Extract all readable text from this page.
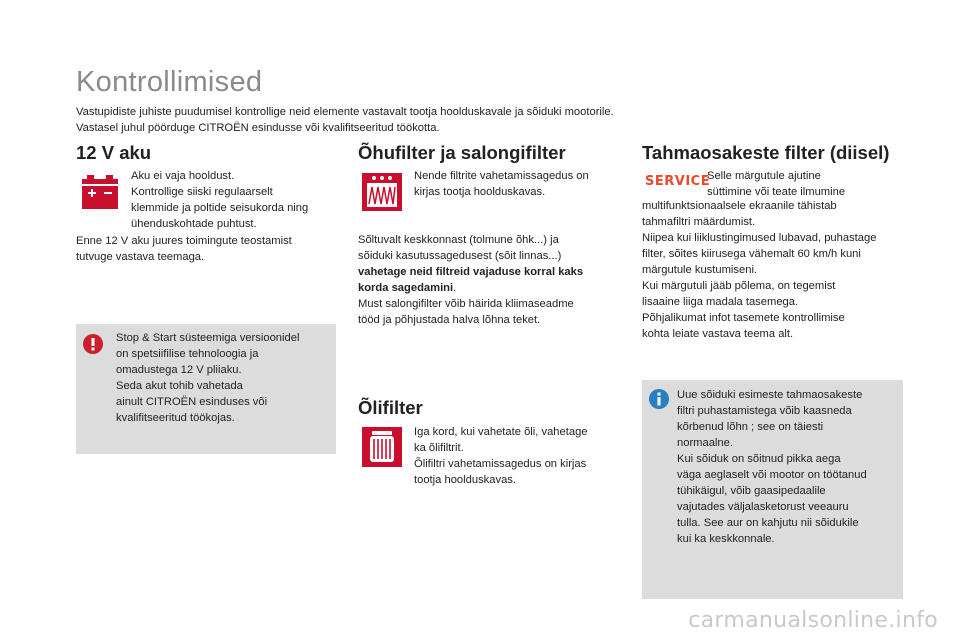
Kontrollimised
Vastupidiste juhiste puudumisel kontrollige neid elemente vastavalt tootja hoolduskavale ja sõiduki mootorile.
Vastasel juhul pöörduge CITROËN esindusse või kvalifitseeritud töökotta.
12 V aku
Aku ei vaja hooldust.
Kontrollige siiski regulaarselt
klemmide ja poltide seisukorda ning
ühenduskohtade puhtust.
Enne 12 V aku juures toimingute teostamist
tutvuge vastava teemaga.
Stop & Start süsteemiga versioonidel
on spetsiifilise tehnoloogia ja
omadustega 12 V pliiaku.
Seda akut tohib vahetada
ainult CITROËN esinduses või
kvalifitseeritud töökojas.
Õhufilter ja salongifilter
Nende filtrite vahetamissagedus on
kirjas tootja hoolduskavas.
Sõltuvalt keskkonnast (tolmune õhk...) ja
sõiduki kasutussagedusest (sõit linnas...)
vahetage neid filtreid vajaduse korral kaks
korda sagedamini.
Must salongifilter võib häirida kliimaseadme
tööd ja põhjustada halva lõhna teket.
Õlifilter
Iga kord, kui vahetate õli, vahetage
ka õlifiltrit.
Õlifiltri vahetamissagedus on kirjas
tootja hoolduskavas.
Tahmaosakeste filter (diisel)
SERVICE
Selle märgutule ajutine
süttimine või teate ilmumine
multifunktsionaalsele ekraanile tähistab
tahmafiltri määrdumist.
Niipea kui liiklustingimused lubavad, puhastage
filter, sõites kiirusega vähemalt 60 km/h kuni
märgutule kustumiseni.
Kui märgutuli jääb põlema, on tegemist
lisaaine liiga madala tasemega.
Põhjalikumat infot tasemete kontrollimise
kohta leiate vastava teema alt.
Uue sõiduki esimeste tahmaosakeste
filtri puhastamistega võib kaasneda
kõrbenud lõhn ; see on täiesti
normaalne.
Kui sõiduk on sõitnud pikka aega
väga aeglaselt või mootor on töötanud
tühikäigul, võib gaasipedaalile
vajutades väljalasketorust veeauru
tulla. See aur on kahjutu nii sõidukile
kui ka keskkonnale.
carmanualsonline.info
